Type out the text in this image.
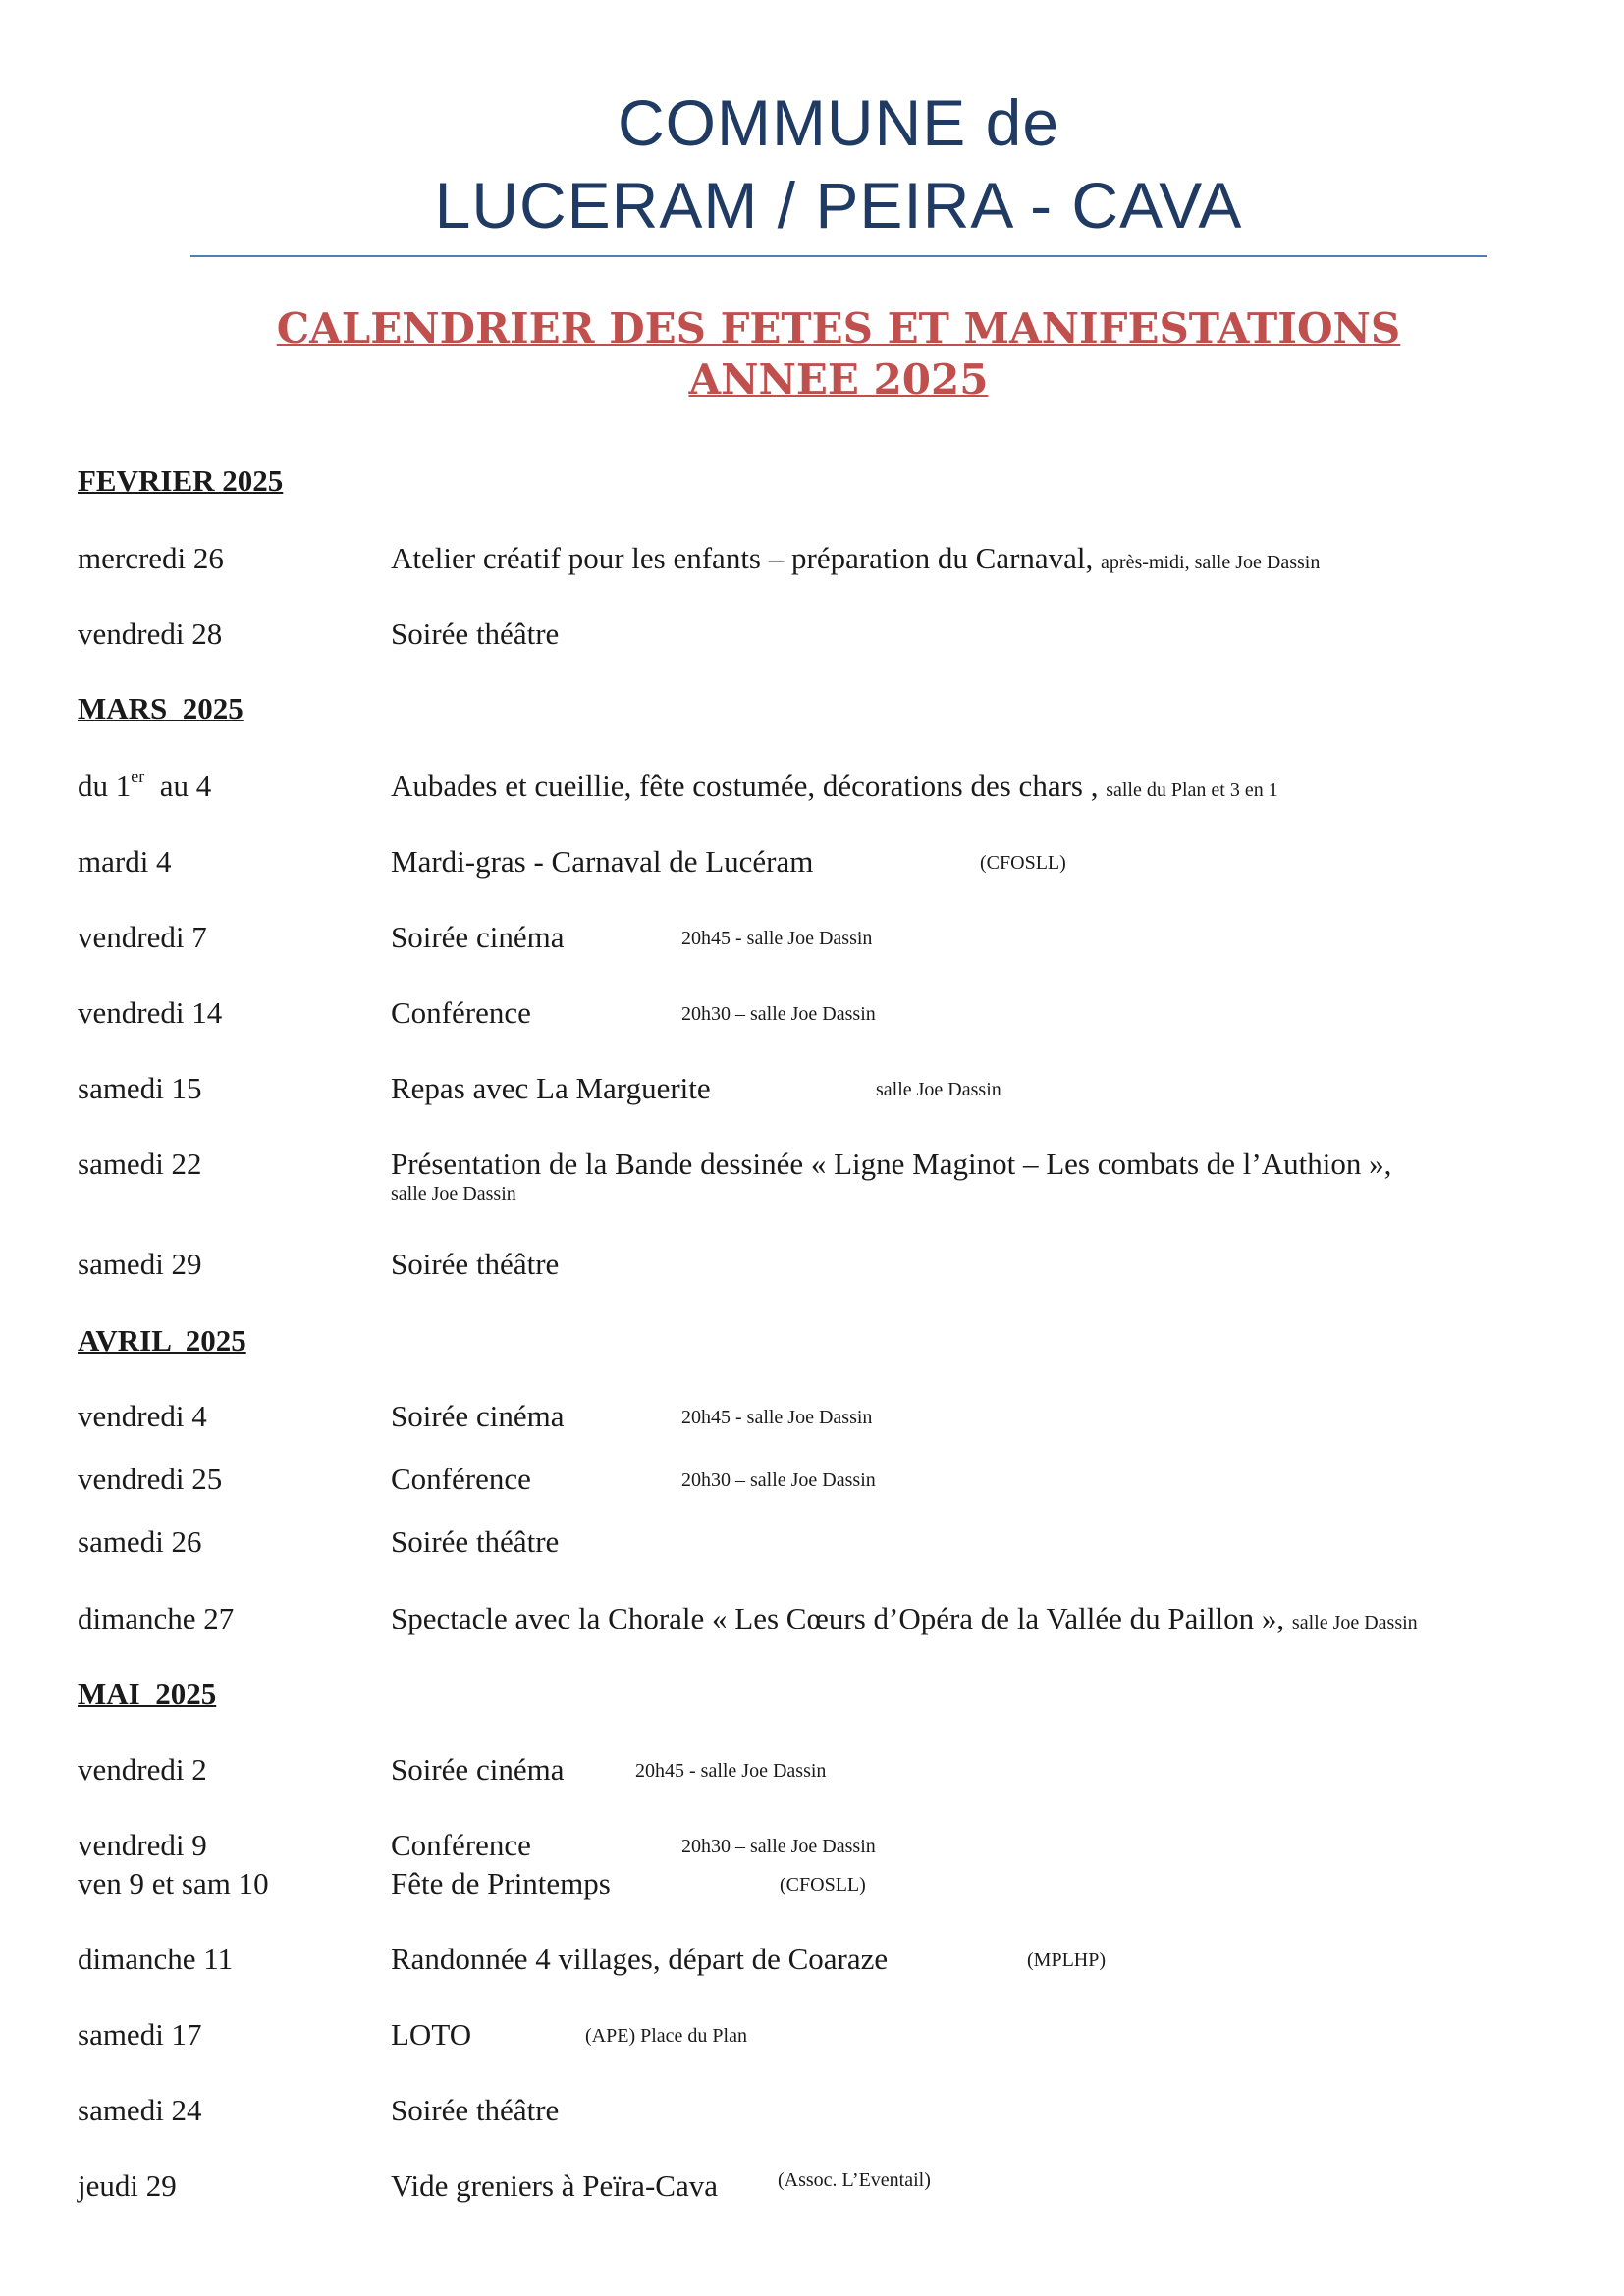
COMMUNE de
LUCERAM / PEIRA - CAVA
CALENDRIER DES FETES ET MANIFESTATIONS
ANNEE 2025
FEVRIER 2025
mercredi 26	Atelier créatif pour les enfants – préparation du Carnaval, après-midi, salle Joe Dassin
vendredi 28	Soirée théâtre
MARS  2025
du 1er  au 4	Aubades et cueillie, fête costumée, décorations des chars , salle du Plan et 3 en 1
mardi 4	Mardi-gras - Carnaval de Lucéram	(CFOSLL)
vendredi 7	Soirée cinéma	20h45 - salle Joe Dassin
vendredi 14	Conférence	20h30 – salle Joe Dassin
samedi 15	Repas avec La Marguerite	salle Joe Dassin
samedi 22	Présentation de la Bande dessinée « Ligne Maginot – Les combats de l’Authion »,
salle Joe Dassin
samedi 29	Soirée théâtre
AVRIL  2025
vendredi 4	Soirée cinéma	20h45 - salle Joe Dassin
vendredi 25	Conférence	20h30 – salle Joe Dassin
samedi 26	Soirée théâtre
dimanche 27	Spectacle avec la Chorale « Les Cœurs d’Opéra de la Vallée du Paillon », salle Joe Dassin
MAI  2025
vendredi 2	Soirée cinéma	20h45 - salle Joe Dassin
vendredi 9	Conférence	20h30 – salle Joe Dassin
ven 9 et sam 10	Fête de Printemps	(CFOSLL)
dimanche 11	Randonnée 4 villages, départ de Coaraze	(MPLHP)
samedi 17	LOTO	(APE) Place du Plan
samedi 24	Soirée théâtre
jeudi 29	Vide greniers à Peïra-Cava	(Assoc. L’Eventail)
